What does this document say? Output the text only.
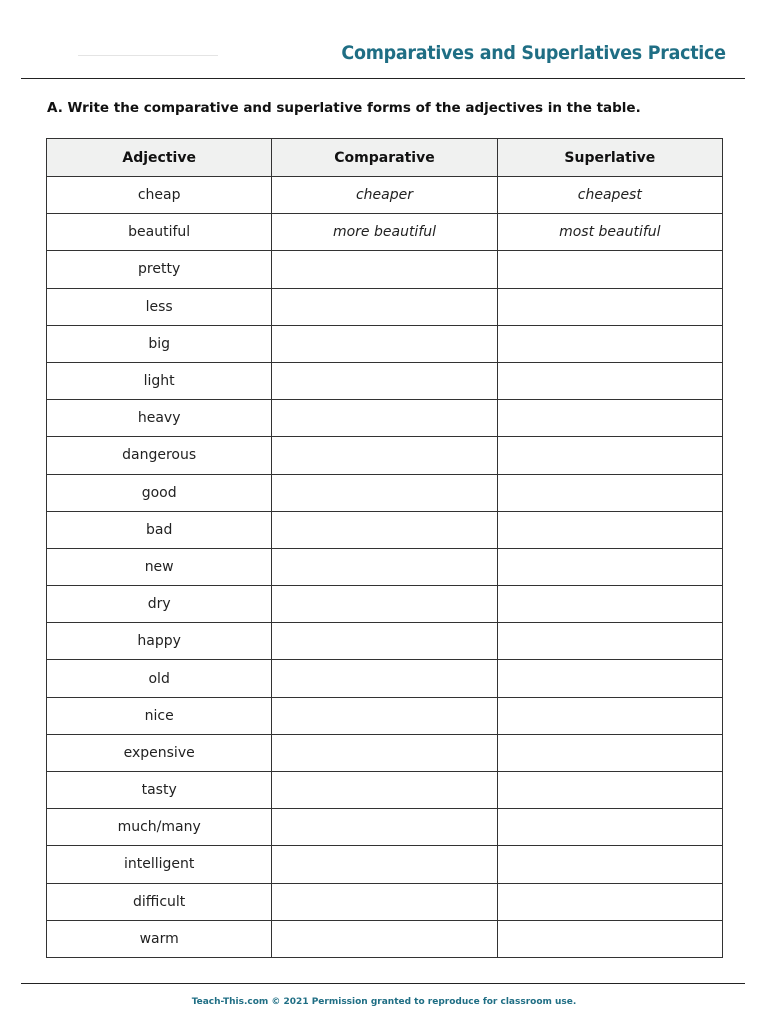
Comparatives and Superlatives Practice
A. Write the comparative and superlative forms of the adjectives in the table.
Adjective	Comparative	Superlative
cheap	cheaper	cheapest
beautiful	more beautiful	most beautiful
pretty		
less		
big		
light		
heavy		
dangerous		
good		
bad		
new		
dry		
happy		
old		
nice		
expensive		
tasty		
much/many		
intelligent		
difficult		
warm		
Teach-This.com © 2021 Permission granted to reproduce for classroom use.
